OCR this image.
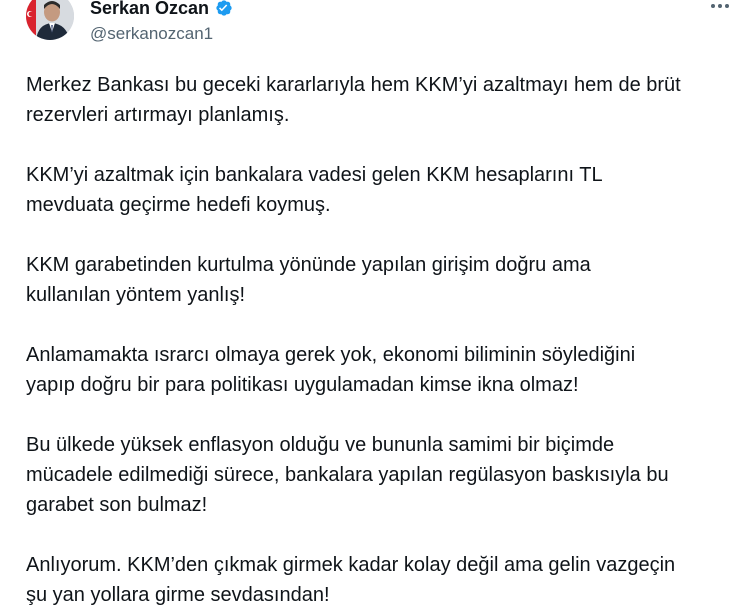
Serkan Ozcan
@serkanozcan1

Merkez Bankası bu geceki kararlarıyla hem KKM’yi azaltmayı hem de brüt
rezervleri artırmayı planlamış.

KKM’yi azaltmak için bankalara vadesi gelen KKM hesaplarını TL
mevduata geçirme hedefi koymuş.

KKM garabetinden kurtulma yönünde yapılan girişim doğru ama
kullanılan yöntem yanlış!

Anlamamakta ısrarcı olmaya gerek yok, ekonomi biliminin söylediğini
yapıp doğru bir para politikası uygulamadan kimse ikna olmaz!

Bu ülkede yüksek enflasyon olduğu ve bununla samimi bir biçimde
mücadele edilmediği sürece, bankalara yapılan regülasyon baskısıyla bu
garabet son bulmaz!

Anlıyorum. KKM’den çıkmak girmek kadar kolay değil ama gelin vazgeçin
şu yan yollara girme sevdasından!
